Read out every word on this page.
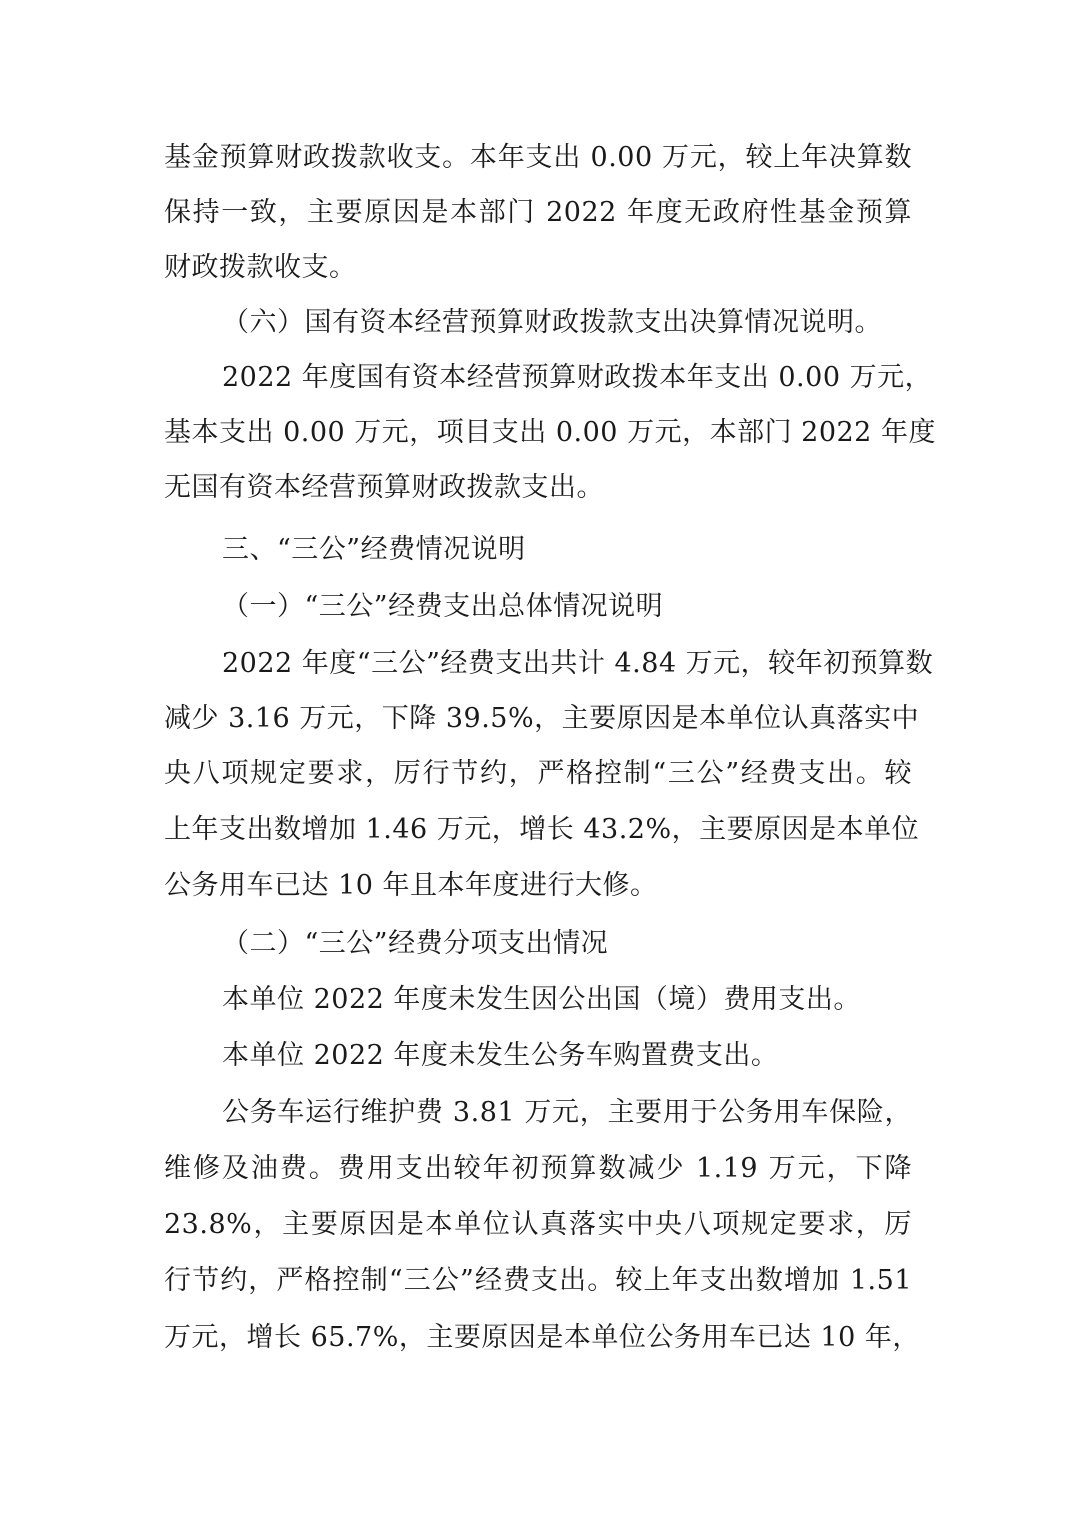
基金预算财政拨款收支。本年支出 0.00 万元，较上年决算数
保持一致，主要原因是本部门 2022 年度无政府性基金预算
财政拨款收支。
（六）国有资本经营预算财政拨款支出决算情况说明。
2022 年度国有资本经营预算财政拨本年支出 0.00 万元，
基本支出 0.00 万元，项目支出 0.00 万元，本部门 2022 年度
无国有资本经营预算财政拨款支出。
三、“三公”经费情况说明
（一）“三公”经费支出总体情况说明
2022 年度“三公”经费支出共计 4.84 万元，较年初预算数
减少 3.16 万元，下降 39.5%，主要原因是本单位认真落实中
央八项规定要求，厉行节约，严格控制“三公”经费支出。较
上年支出数增加 1.46 万元，增长 43.2%，主要原因是本单位
公务用车已达 10 年且本年度进行大修。
（二）“三公”经费分项支出情况
本单位 2022 年度未发生因公出国（境）费用支出。
本单位 2022 年度未发生公务车购置费支出。
公务车运行维护费 3.81 万元，主要用于公务用车保险，
维修及油费。费用支出较年初预算数减少 1.19 万元，下降
23.8%，主要原因是本单位认真落实中央八项规定要求，厉
行节约，严格控制“三公”经费支出。较上年支出数增加 1.51
万元，增长 65.7%，主要原因是本单位公务用车已达 10 年，
